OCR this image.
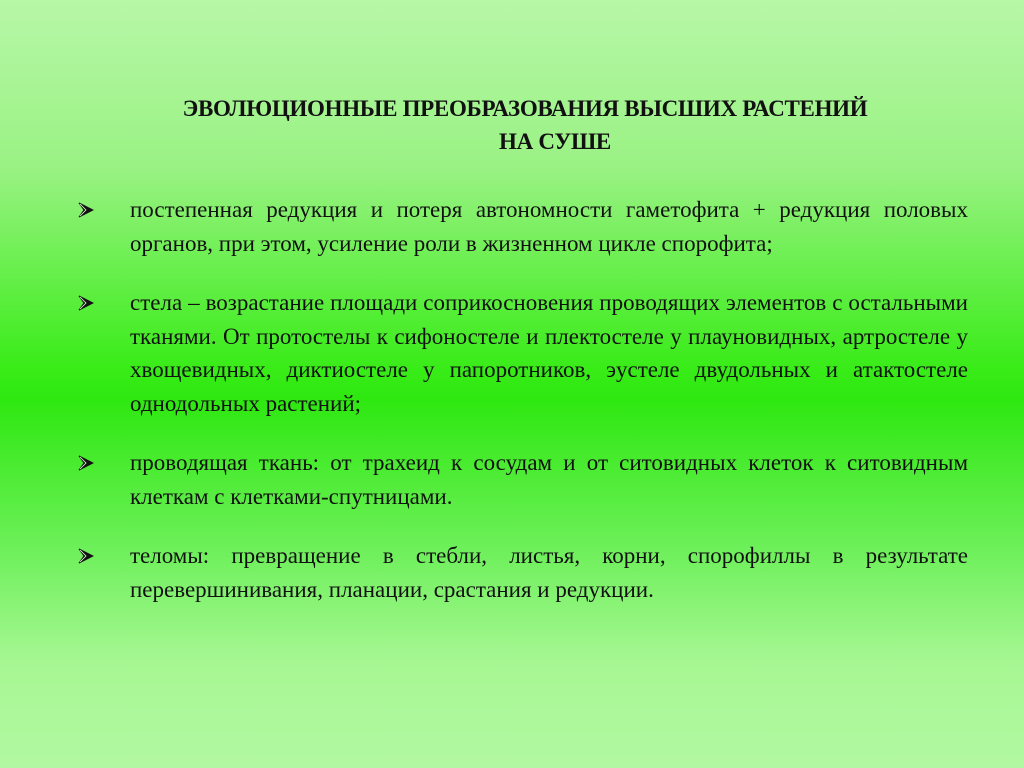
ЭВОЛЮЦИОННЫЕ ПРЕОБРАЗОВАНИЯ ВЫСШИХ РАСТЕНИЙ
НА СУШЕ
постепенная редукция и потеря автономности гаметофита + редукция половых органов, при этом, усиление роли в жизненном цикле спорофита;
стела – возрастание площади соприкосновения проводящих элементов с остальными тканями. От протостелы к сифоностеле и плектостеле у плауновидных, артростеле у хвощевидных, диктиостеле у папоротников, эустеле двудольных и атактостеле однодольных растений;
проводящая ткань: от трахеид к сосудам и от ситовидных клеток к ситовидным клеткам с клетками-спутницами.
теломы: превращение в стебли, листья, корни, спорофиллы в результате перевершинивания, планации, срастания и редукции.
